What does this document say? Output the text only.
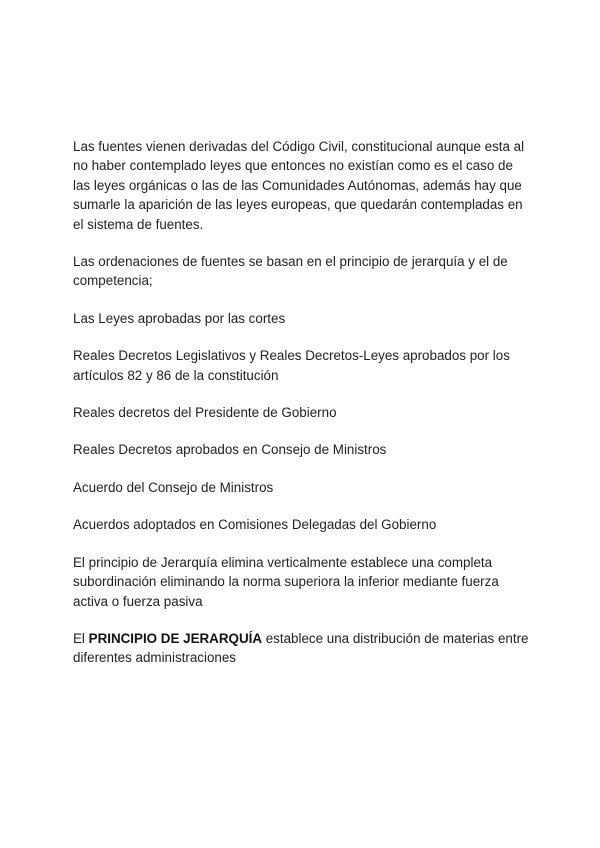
Las fuentes vienen derivadas del Código Civil, constitucional aunque esta al no haber contemplado leyes que entonces no existían como es el caso de las leyes orgánicas o las de las Comunidades Autónomas, además hay que sumarle la aparición de las leyes europeas, que quedarán contempladas en el sistema de fuentes.

Las ordenaciones de fuentes se basan en el principio de jerarquía y el de competencia;

Las Leyes aprobadas por las cortes

Reales Decretos Legislativos y Reales Decretos-Leyes aprobados por los artículos 82 y 86 de la constitución

Reales decretos del Presidente de Gobierno

Reales Decretos aprobados en Consejo de Ministros

Acuerdo del Consejo de Ministros

Acuerdos adoptados en Comisiones Delegadas del Gobierno

El principio de Jerarquía elimina verticalmente establece una completa subordinación eliminando la norma superiora la inferior mediante fuerza activa o fuerza pasiva

El PRINCIPIO DE JERARQUÍA establece una distribución de materias entre diferentes administraciones
